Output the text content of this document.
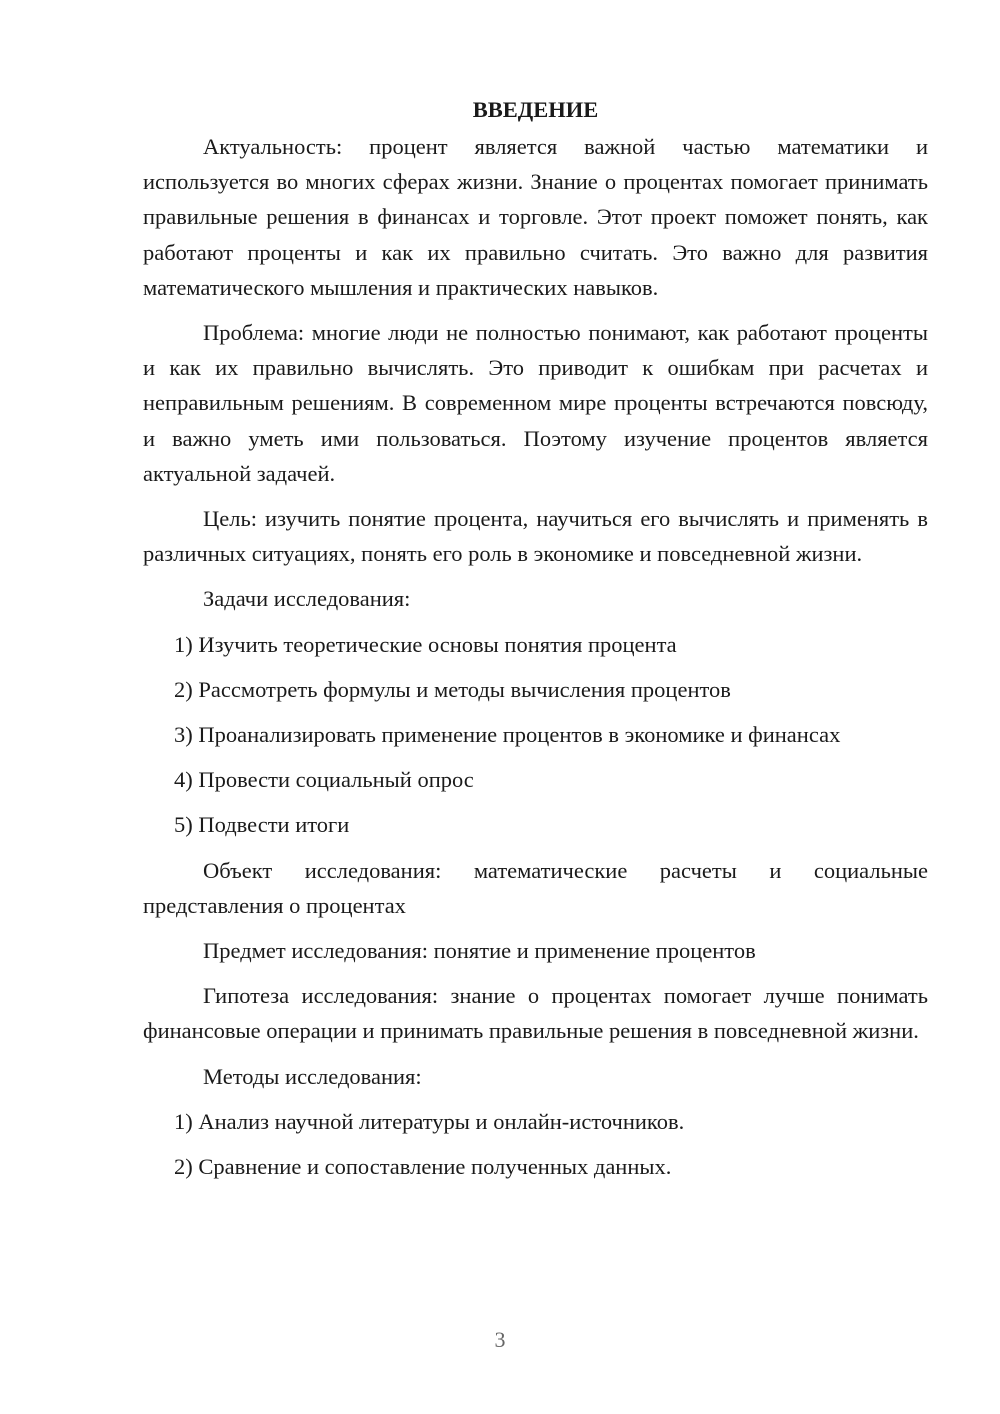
ВВЕДЕНИЕ

Актуальность: процент является важной частью математики и используется во многих сферах жизни. Знание о процентах помогает принимать правильные решения в финансах и торговле. Этот проект поможет понять, как работают проценты и как их правильно считать. Это важно для развития математического мышления и практических навыков.

Проблема: многие люди не полностью понимают, как работают проценты и как их правильно вычислять. Это приводит к ошибкам при расчетах и неправильным решениям. В современном мире проценты встречаются повсюду, и важно уметь ими пользоваться. Поэтому изучение процентов является актуальной задачей.

Цель: изучить понятие процента, научиться его вычислять и применять в различных ситуациях, понять его роль в экономике и повседневной жизни.

Задачи исследования:

1) Изучить теоретические основы понятия процента

2) Рассмотреть формулы и методы вычисления процентов

3) Проанализировать применение процентов в экономике и финансах

4) Провести социальный опрос

5) Подвести итоги

Объект исследования: математические расчеты и социальные представления о процентах

Предмет исследования: понятие и применение процентов

Гипотеза исследования: знание о процентах помогает лучше понимать финансовые операции и принимать правильные решения в повседневной жизни.

Методы исследования:

1) Анализ научной литературы и онлайн-источников.

2) Сравнение и сопоставление полученных данных.

3
